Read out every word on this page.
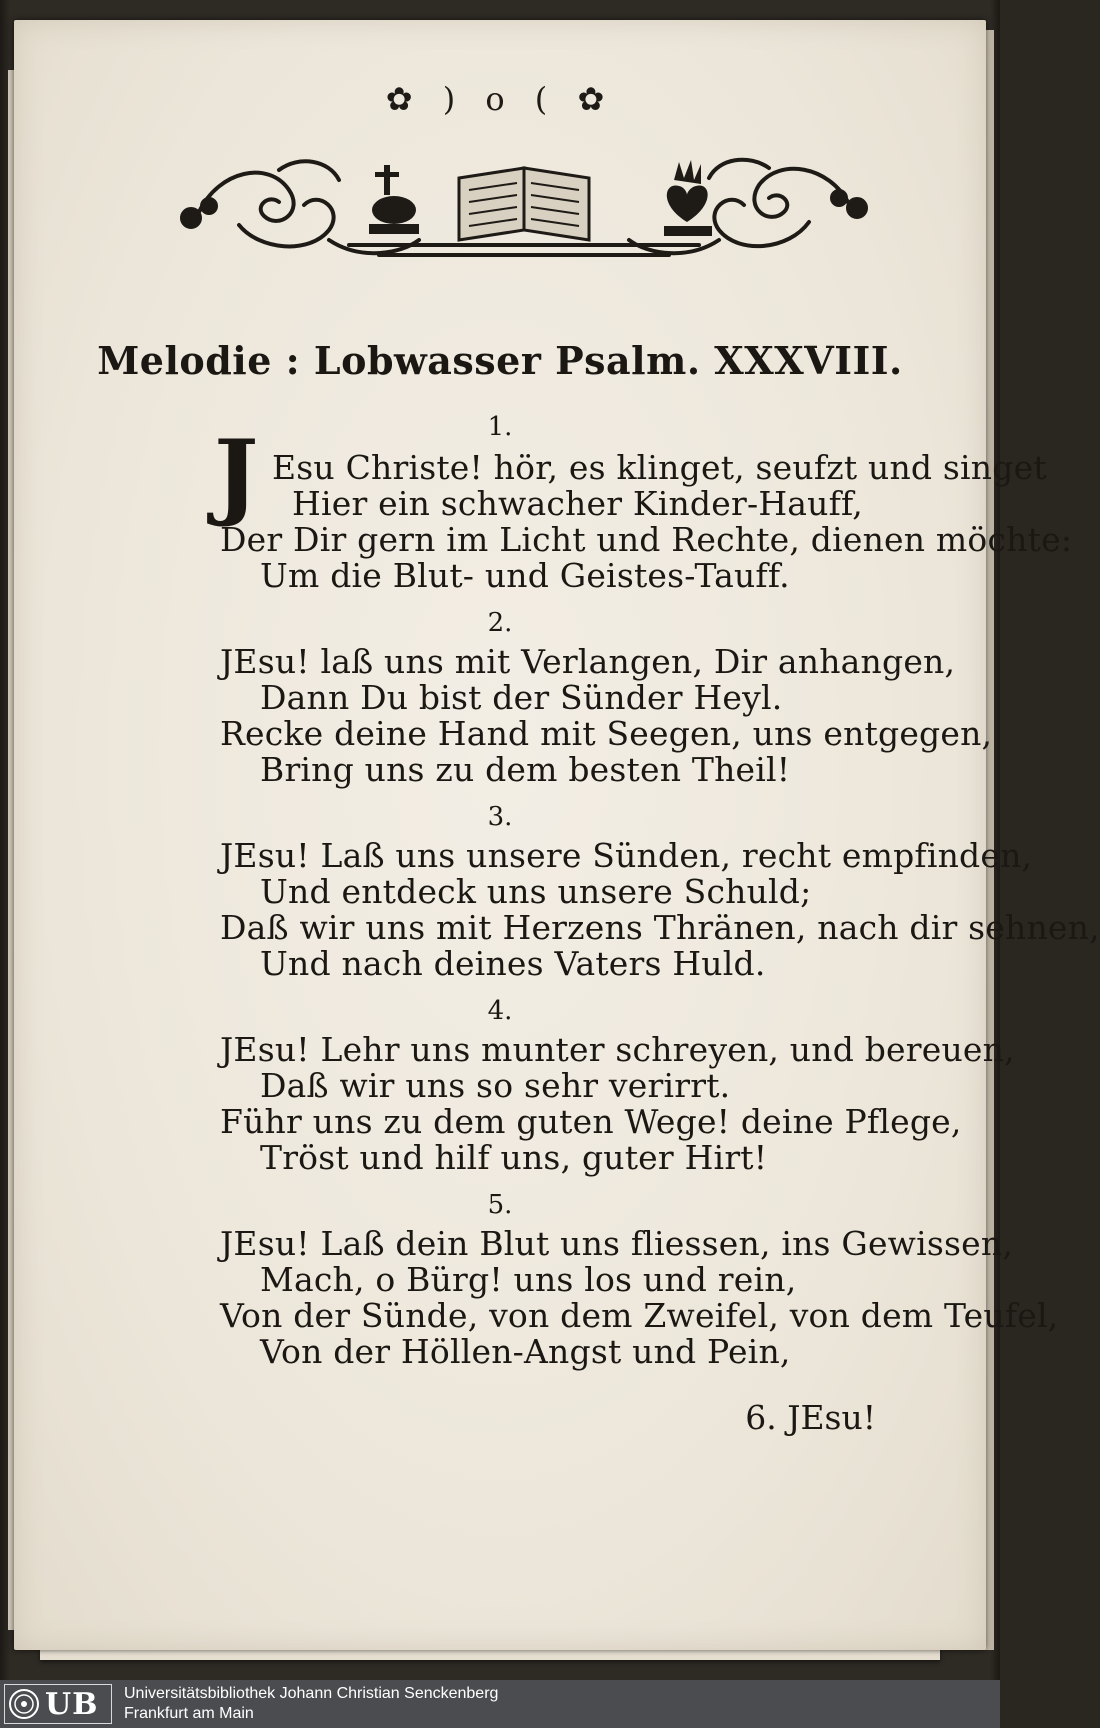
✿ ) o ( ✿
Melodie : Lobwasser Psalm. XXXVIII.
1.
J Esu Christe! hör, es klinget, seufzt und singet
Hier ein schwacher Kinder-Hauff,
Der Dir gern im Licht und Rechte, dienen möchte:
Um die Blut- und Geistes-Tauff.
2.
JEsu! laß uns mit Verlangen, Dir anhangen,
Dann Du bist der Sünder Heyl.
Recke deine Hand mit Seegen, uns entgegen,
Bring uns zu dem besten Theil!
3.
JEsu! Laß uns unsere Sünden, recht empfinden,
Und entdeck uns unsere Schuld;
Daß wir uns mit Herzens Thränen, nach dir sehnen,
Und nach deines Vaters Huld.
4.
JEsu! Lehr uns munter schreyen, und bereuen,
Daß wir uns so sehr verirrt.
Führ uns zu dem guten Wege! deine Pflege,
Tröst und hilf uns, guter Hirt!
5.
JEsu! Laß dein Blut uns fliessen, ins Gewissen,
Mach, o Bürg! uns los und rein,
Von der Sünde, von dem Zweifel, von dem Teufel,
Von der Höllen-Angst und Pein,
6. JEsu!
UB Universitätsbibliothek Johann Christian Senckenberg
Frankfurt am Main
